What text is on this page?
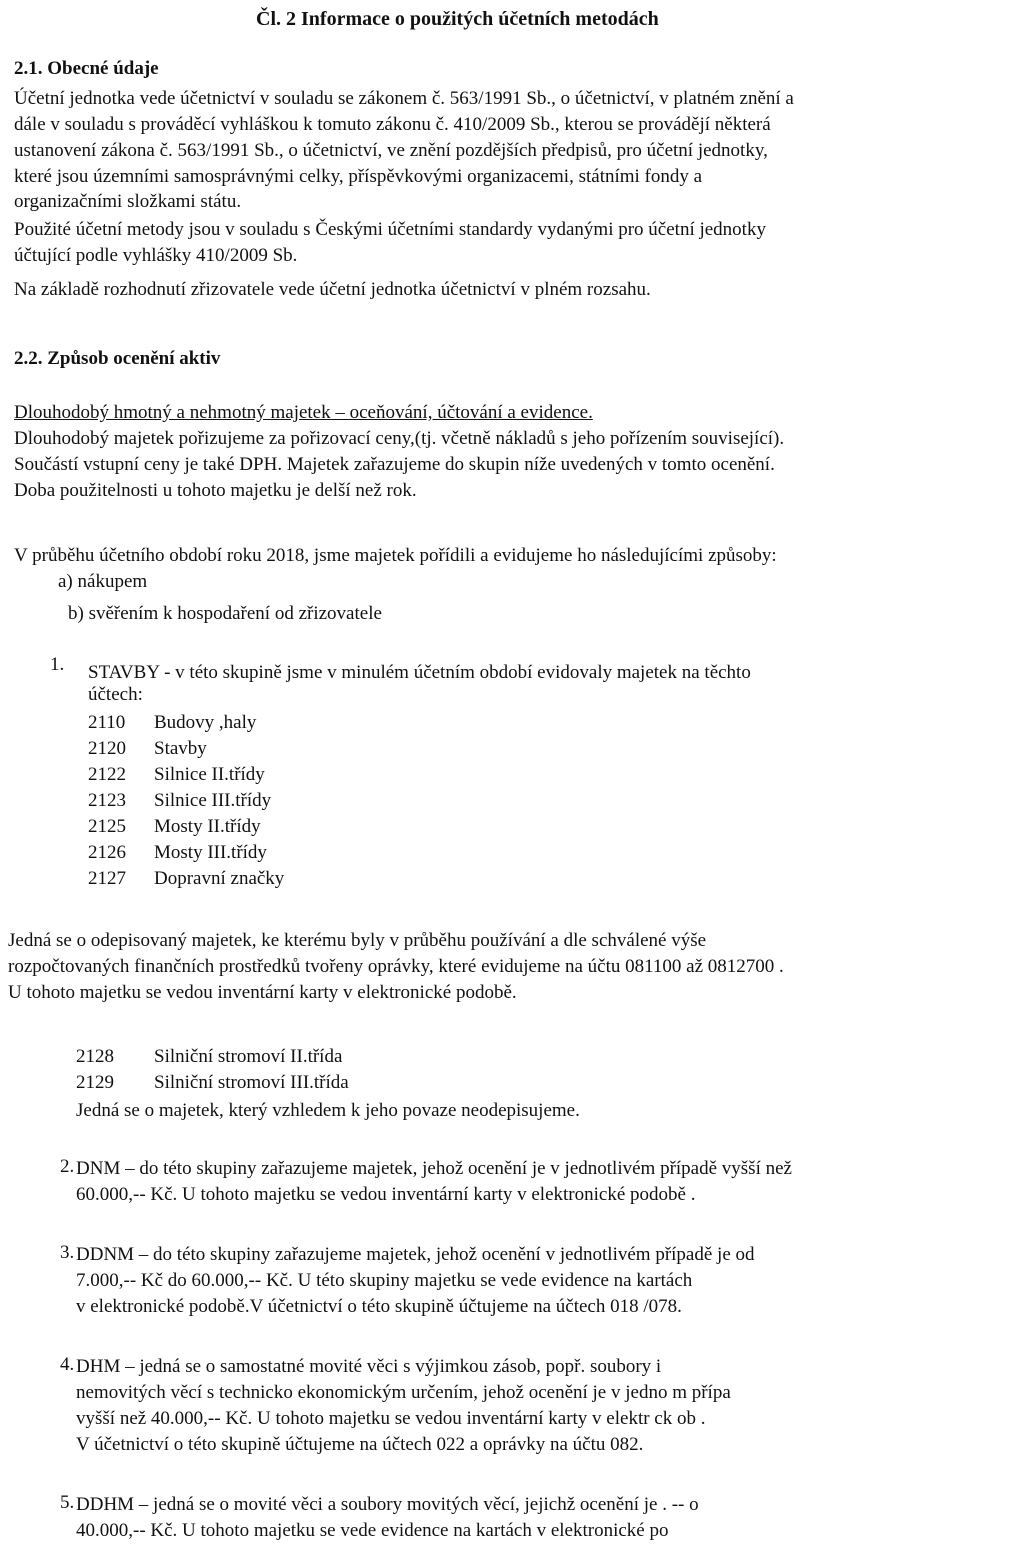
Čl. 2 Informace o použitých účetních metodách
2.1. Obecné údaje
Účetní jednotka vede účetnictví v souladu se zákonem č. 563/1991 Sb., o účetnictví, v platném znění a
dále v souladu s prováděcí vyhláškou k tomuto zákonu č. 410/2009 Sb., kterou se provádějí některá
ustanovení zákona č. 563/1991 Sb., o účetnictví, ve znění pozdějších předpisů, pro účetní jednotky,
které jsou územními samosprávnými celky, příspěvkovými organizacemi, státními fondy a
organizačními složkami státu.
Použité účetní metody jsou v souladu s Českými účetními standardy vydanými pro účetní jednotky
účtující podle vyhlášky 410/2009 Sb.
Na základě rozhodnutí zřizovatele vede účetní jednotka účetnictví v plném rozsahu.
2.2. Způsob ocenění aktiv
Dlouhodobý hmotný a nehmotný majetek – oceňování, účtování a evidence.
Dlouhodobý majetek pořizujeme za pořizovací ceny,(tj. včetně nákladů s jeho pořízením související).
Součástí vstupní ceny je také DPH. Majetek zařazujeme do skupin níže uvedených v tomto ocenění.
Doba použitelnosti u tohoto majetku je delší než rok.
V průběhu účetního období roku 2018, jsme majetek pořídili a evidujeme ho následujícími způsoby:
a) nákupem
b) svěřením k hospodaření od zřizovatele
1. STAVBY - v této skupině jsme v minulém účetním období evidovaly majetek na těchto
účtech:
2110 Budovy ,haly
2120 Stavby
2122 Silnice II.třídy
2123 Silnice III.třídy
2125 Mosty II.třídy
2126 Mosty III.třídy
2127 Dopravní značky
Jedná se o odepisovaný majetek, ke kterému byly v průběhu používání a dle schválené výše
rozpočtovaných finančních prostředků tvořeny oprávky, které evidujeme na účtu 081100 až 0812700 .
U tohoto majetku se vedou inventární karty v elektronické podobě.
2128 Silniční stromoví II.třída
2129 Silniční stromoví III.třída
Jedná se o majetek, který vzhledem k jeho povaze neodepisujeme.
2. DNM – do této skupiny zařazujeme majetek, jehož ocenění je v jednotlivém případě vyšší než
60.000,-- Kč. U tohoto majetku se vedou inventární karty v elektronické podobě .
3. DDNM – do této skupiny zařazujeme majetek, jehož ocenění v jednotlivém případě je od
7.000,-- Kč do 60.000,-- Kč. U této skupiny majetku se vede evidence na kartách
v elektronické podobě.V účetnictví o této skupině účtujeme na účtech 018 /078.
4. DHM – jedná se o samostatné movité věci s výjimkou zásob, popř. soubory i
nemovitých věcí s technicko ekonomickým určením, jehož ocenění je v jedno m přípa
vyšší než 40.000,-- Kč. U tohoto majetku se vedou inventární karty v elektr ck ob .
V účetnictví o této skupině účtujeme na účtech 022 a oprávky na účtu 082.
5. DDHM – jedná se o movité věci a soubory movitých věcí, jejichž ocenění je . -- o
40.000,-- Kč. U tohoto majetku se vede evidence na kartách v elektronické po
